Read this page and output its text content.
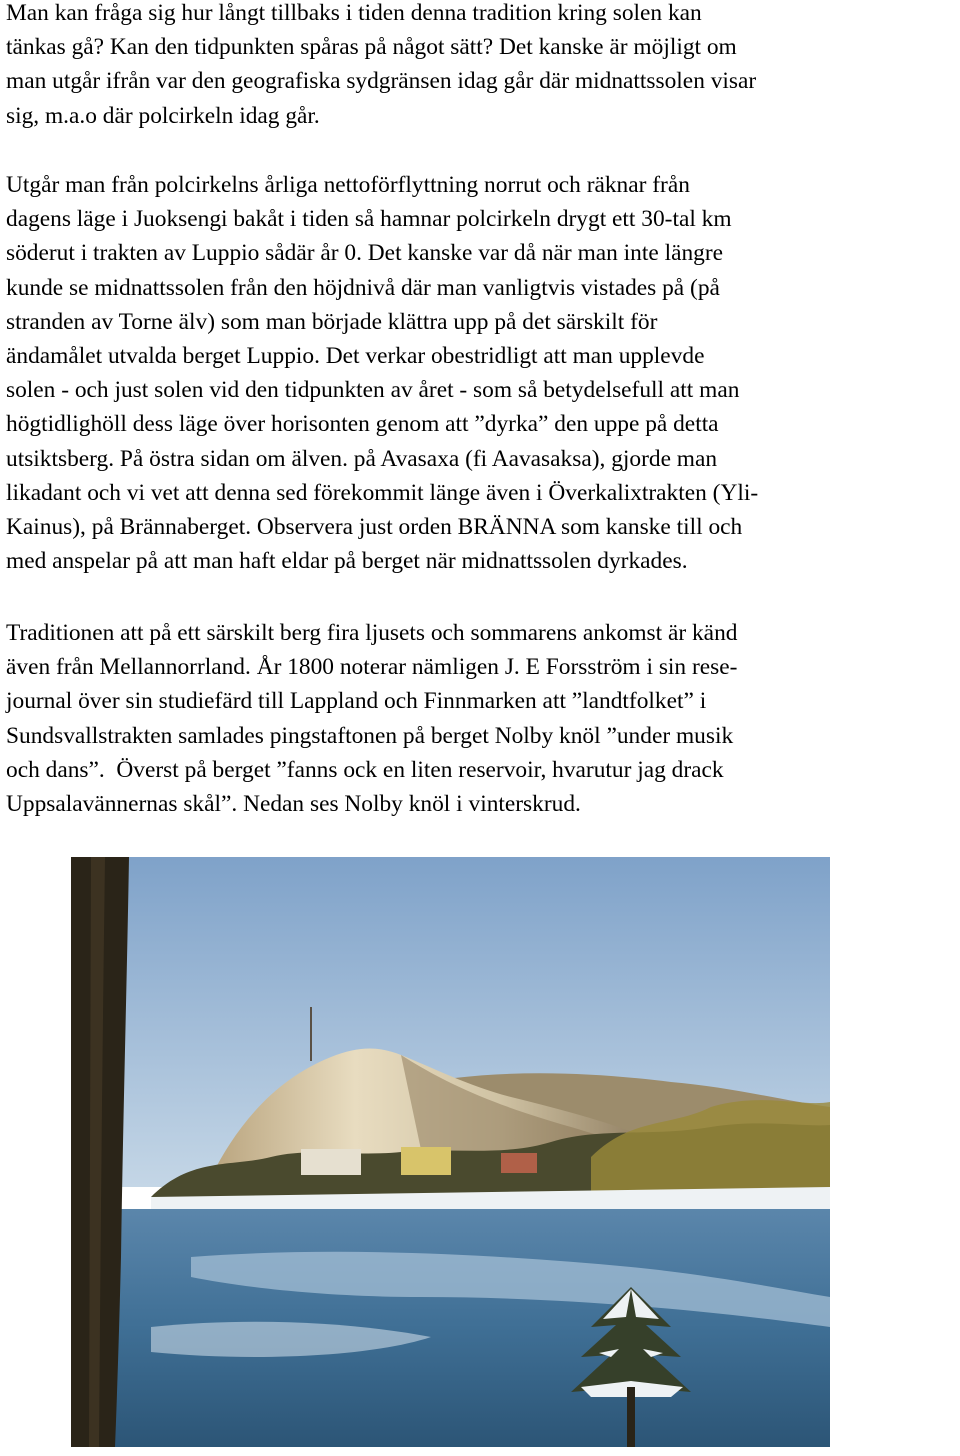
Man kan fråga sig hur långt tillbaks i tiden denna tradition kring solen kan
tänkas gå? Kan den tidpunkten spåras på något sätt? Det kanske är möjligt om
man utgår ifrån var den geografiska sydgränsen idag går där midnattssolen visar
sig, m.a.o där polcirkeln idag går.

Utgår man från polcirkelns årliga nettoförflyttning norrut och räknar från
dagens läge i Juoksengi bakåt i tiden så hamnar polcirkeln drygt ett 30-tal km
söderut i trakten av Luppio sådär år 0. Det kanske var då när man inte längre
kunde se midnattssolen från den höjdnivå där man vanligtvis vistades på (på
stranden av Torne älv) som man började klättra upp på det särskilt för
ändamålet utvalda berget Luppio. Det verkar obestridligt att man upplevde
solen - och just solen vid den tidpunkten av året - som så betydelsefull att man
högtidlighöll dess läge över horisonten genom att ”dyrka” den uppe på detta
utsiktsberg. På östra sidan om älven. på Avasaxa (fi Aavasaksa), gjorde man
likadant och vi vet att denna sed förekommit länge även i Överkalixtrakten (Yli-
Kainus), på Brännaberget. Observera just orden BRÄNNA som kanske till och
med anspelar på att man haft eldar på berget när midnattssolen dyrkades.

Traditionen att på ett särskilt berg fira ljusets och sommarens ankomst är känd
även från Mellannorrland. År 1800 noterar nämligen J. E Forsström i sin rese-
journal över sin studiefärd till Lappland och Finnmarken att ”landtfolket” i
Sundsvallstrakten samlades pingstaftonen på berget Nolby knöl ”under musik
och dans”.  Överst på berget ”fanns ock en liten reservoir, hvarutur jag drack
Uppsalavännernas skål”. Nedan ses Nolby knöl i vinterskrud.
